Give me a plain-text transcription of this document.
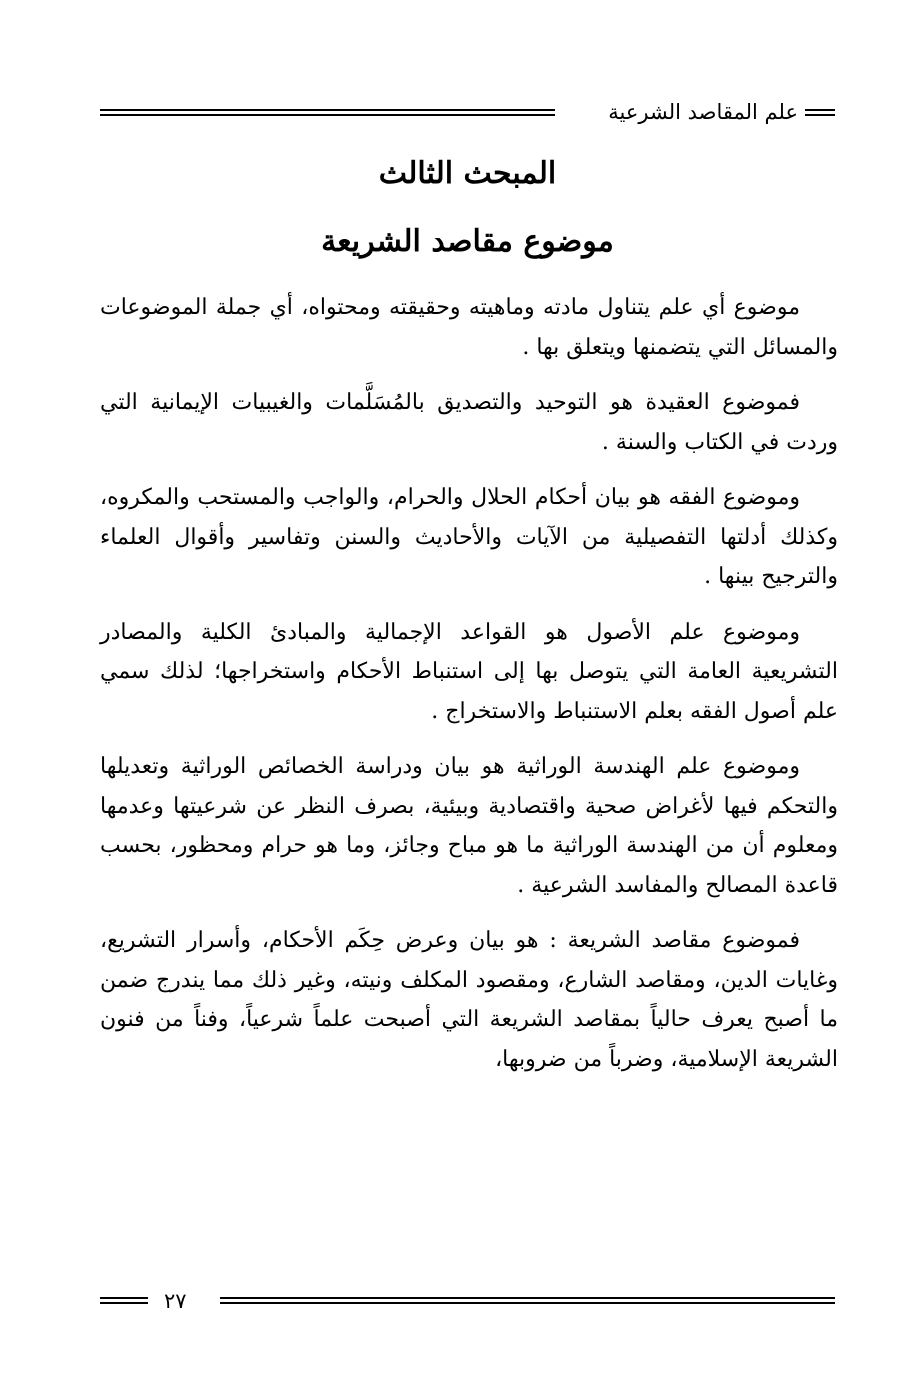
علم المقاصد الشرعية
المبحث الثالث
موضوع مقاصد الشريعة

موضوع أي علم يتناول مادته وماهيته وحقيقته ومحتواه، أي جملة الموضوعات والمسائل التي يتضمنها ويتعلق بها .

فموضوع العقيدة هو التوحيد والتصديق بالمُسَلَّمات والغيبيات الإيمانية التي وردت في الكتاب والسنة .

وموضوع الفقه هو بيان أحكام الحلال والحرام، والواجب والمستحب والمكروه، وكذلك أدلتها التفصيلية من الآيات والأحاديث والسنن وتفاسير وأقوال العلماء والترجيح بينها .

وموضوع علم الأصول هو القواعد الإجمالية والمبادئ الكلية والمصادر التشريعية العامة التي يتوصل بها إلى استنباط الأحكام واستخراجها؛ لذلك سمي علم أصول الفقه بعلم الاستنباط والاستخراج .

وموضوع علم الهندسة الوراثية هو بيان ودراسة الخصائص الوراثية وتعديلها والتحكم فيها لأغراض صحية واقتصادية وبيئية، بصرف النظر عن شرعيتها وعدمها ومعلوم أن من الهندسة الوراثية ما هو مباح وجائز، وما هو حرام ومحظور، بحسب قاعدة المصالح والمفاسد الشرعية .

فموضوع مقاصد الشريعة : هو بيان وعرض حِكَم الأحكام، وأسرار التشريع، وغايات الدين، ومقاصد الشارع، ومقصود المكلف ونيته، وغير ذلك مما يندرج ضمن ما أصبح يعرف حالياً بمقاصد الشريعة التي أصبحت علماً شرعياً، وفناً من فنون الشريعة الإسلامية، وضرباً من ضروبها،

٢٧
